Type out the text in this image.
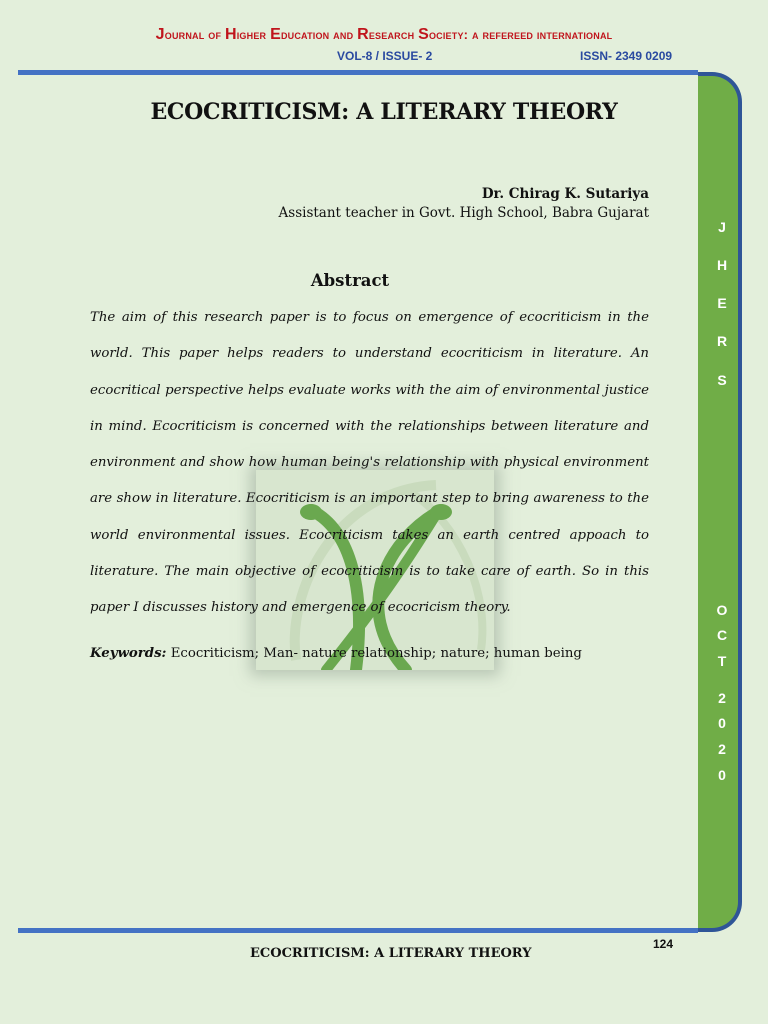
Journal of Higher Education and Research Society: a refereed international
VOL-8 / ISSUE- 2	ISSN- 2349 0209
J
H
E
R
S
O
C
T
2
0
2
0
ECOCRITICISM: A LITERARY THEORY
Dr. Chirag K. Sutariya
Assistant teacher in Govt. High School, Babra Gujarat
Abstract
The aim of this research paper is to focus on emergence of ecocriticism in the world. This paper helps readers to understand ecocriticism in literature. An ecocritical perspective helps evaluate works with the aim of environmental justice in mind. Ecocriticism is concerned with the relationships between literature and environment and show how human being's relationship with physical environment are show in literature. Ecocriticism is an important step to bring awareness to the world environmental issues. Ecocriticism takes an earth centred appoach to literature. The main objective of ecocriticism is to take care of earth. So in this paper I discusses history and emergence of ecocricism theory.
Keywords: Ecocriticism; Man- nature relationship; nature; human being
124
ECOCRITICISM: A LITERARY THEORY
